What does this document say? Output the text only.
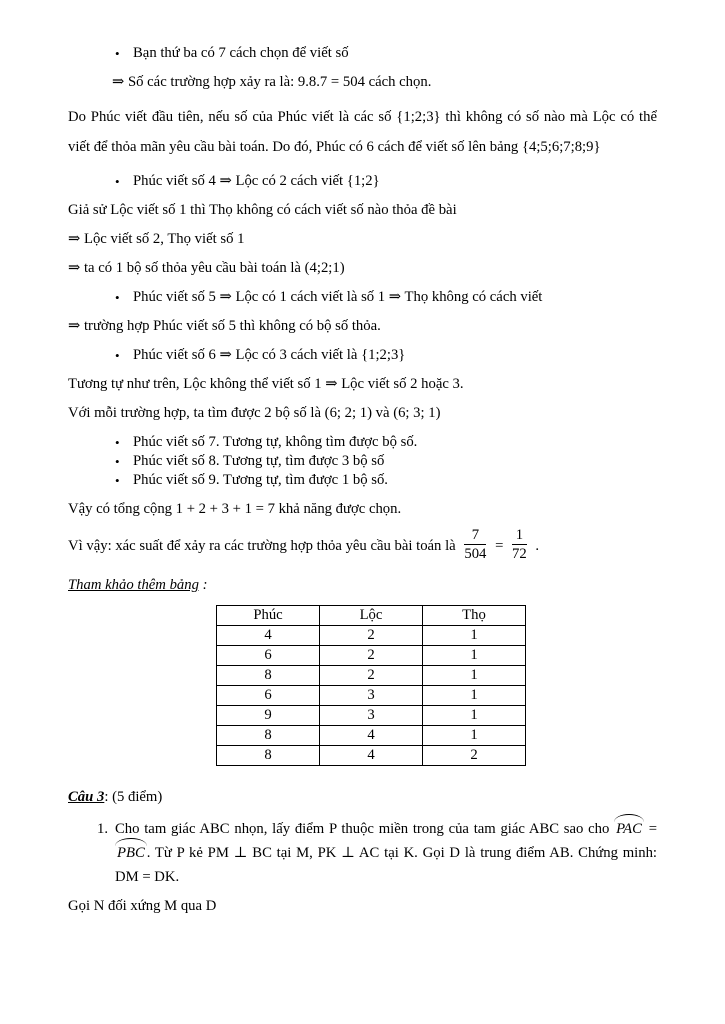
• Bạn thứ ba có 7 cách chọn để viết số

⇒ Số các trường hợp xảy ra là: 9.8.7 = 504 cách chọn.

Do Phúc viết đầu tiên, nếu số của Phúc viết là các số {1;2;3} thì không có số nào mà Lộc có thể viết để thỏa mãn yêu cầu bài toán. Do đó, Phúc có 6 cách để viết số lên bảng {4;5;6;7;8;9}

• Phúc viết số 4 ⇒ Lộc có 2 cách viết {1;2}

Giả sử Lộc viết số 1 thì Thọ không có cách viết số nào thỏa đề bài

⇒ Lộc viết số 2, Thọ viết số 1

⇒ ta có 1 bộ số thỏa yêu cầu bài toán là (4;2;1)

• Phúc viết số 5 ⇒ Lộc có 1 cách viết là số 1 ⇒ Thọ không có cách viết

⇒ trường hợp Phúc viết số 5 thì không có bộ số thỏa.

• Phúc viết số 6 ⇒ Lộc có 3 cách viết là {1;2;3}

Tương tự như trên, Lộc không thể viết số 1 ⇒ Lộc viết số 2 hoặc 3.

Với mỗi trường hợp, ta tìm được 2 bộ số là (6; 2; 1) và (6; 3; 1)

• Phúc viết số 7. Tương tự, không tìm được bộ số.
• Phúc viết số 8. Tương tự, tìm được 3 bộ số
• Phúc viết số 9. Tương tự, tìm được 1 bộ số.

Vậy có tổng cộng 1 + 2 + 3 + 1 = 7 khả năng được chọn.

Vì vậy: xác suất để xảy ra các trường hợp thỏa yêu cầu bài toán là $\frac{7}{504} = \frac{1}{72}$ .

Tham khảo thêm bảng :

Phúc	Lộc	Thọ
4	2	1
6	2	1
8	2	1
6	3	1
9	3	1
8	4	1
8	4	2

Câu 3: (5 điểm)

1. Cho tam giác ABC nhọn, lấy điểm P thuộc miền trong của tam giác ABC sao cho PAC = PBC . Từ P kẻ PM ⊥ BC tại M, PK ⊥ AC tại K. Gọi D là trung điểm AB. Chứng minh: DM = DK.

Gọi N đối xứng M qua D
